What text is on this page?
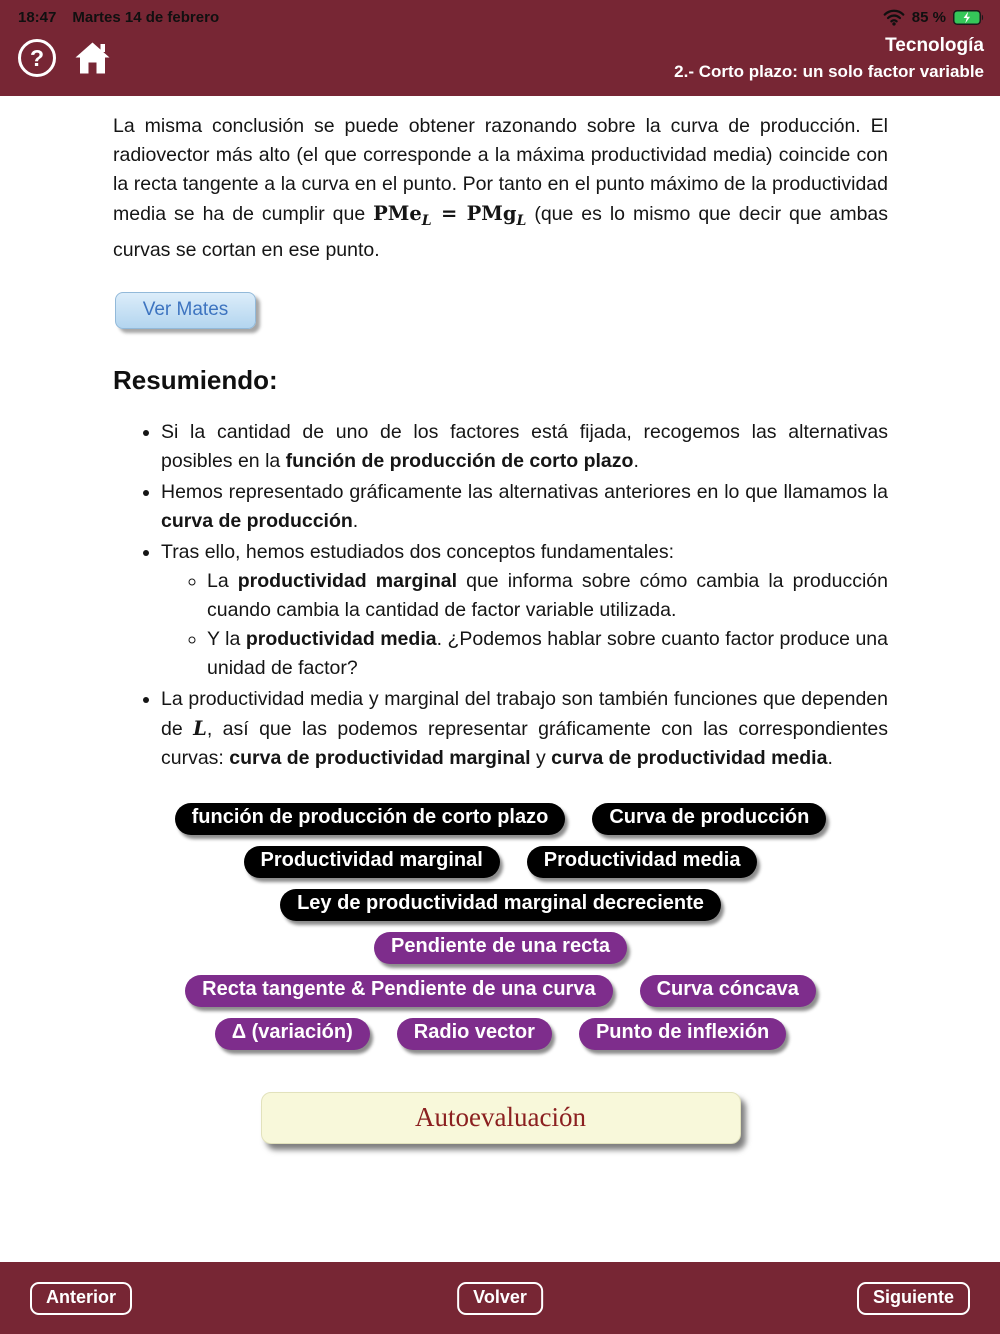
18:47 Martes 14 de febrero	85 %
?	Tecnología
2.- Corto plazo: un solo factor variable

La misma conclusión se puede obtener razonando sobre la curva de producción. El radiovector más alto (el que corresponde a la máxima productividad media) coincide con la recta tangente a la curva en el punto. Por tanto en el punto máximo de la productividad media se ha de cumplir que PMe$_L$ = PMg$_L$ (que es lo mismo que decir que ambas curvas se cortan en ese punto.

Ver Mates
Resumiendo:
• Si la cantidad de uno de los factores está fijada, recogemos las alternativas posibles en la función de producción de corto plazo.
• Hemos representado gráficamente las alternativas anteriores en lo que llamamos la curva de producción.
• Tras ello, hemos estudiados dos conceptos fundamentales:
◦ La productividad marginal que informa sobre cómo cambia la producción cuando cambia la cantidad de factor variable utilizada.
◦ Y la productividad media. ¿Podemos hablar sobre cuanto factor produce una unidad de factor?
• La productividad media y marginal del trabajo son también funciones que dependen de L, así que las podemos representar gráficamente con las correspondientes curvas: curva de productividad marginal y curva de productividad media.
función de producción de corto plazo	Curva de producción
Productividad marginal	Productividad media
Ley de productividad marginal decreciente
Pendiente de una recta
Recta tangente & Pendiente de una curva	Curva cóncava
Δ (variación)	Radio vector	Punto de inflexión
Autoevaluación
Anterior	Volver	Siguiente
